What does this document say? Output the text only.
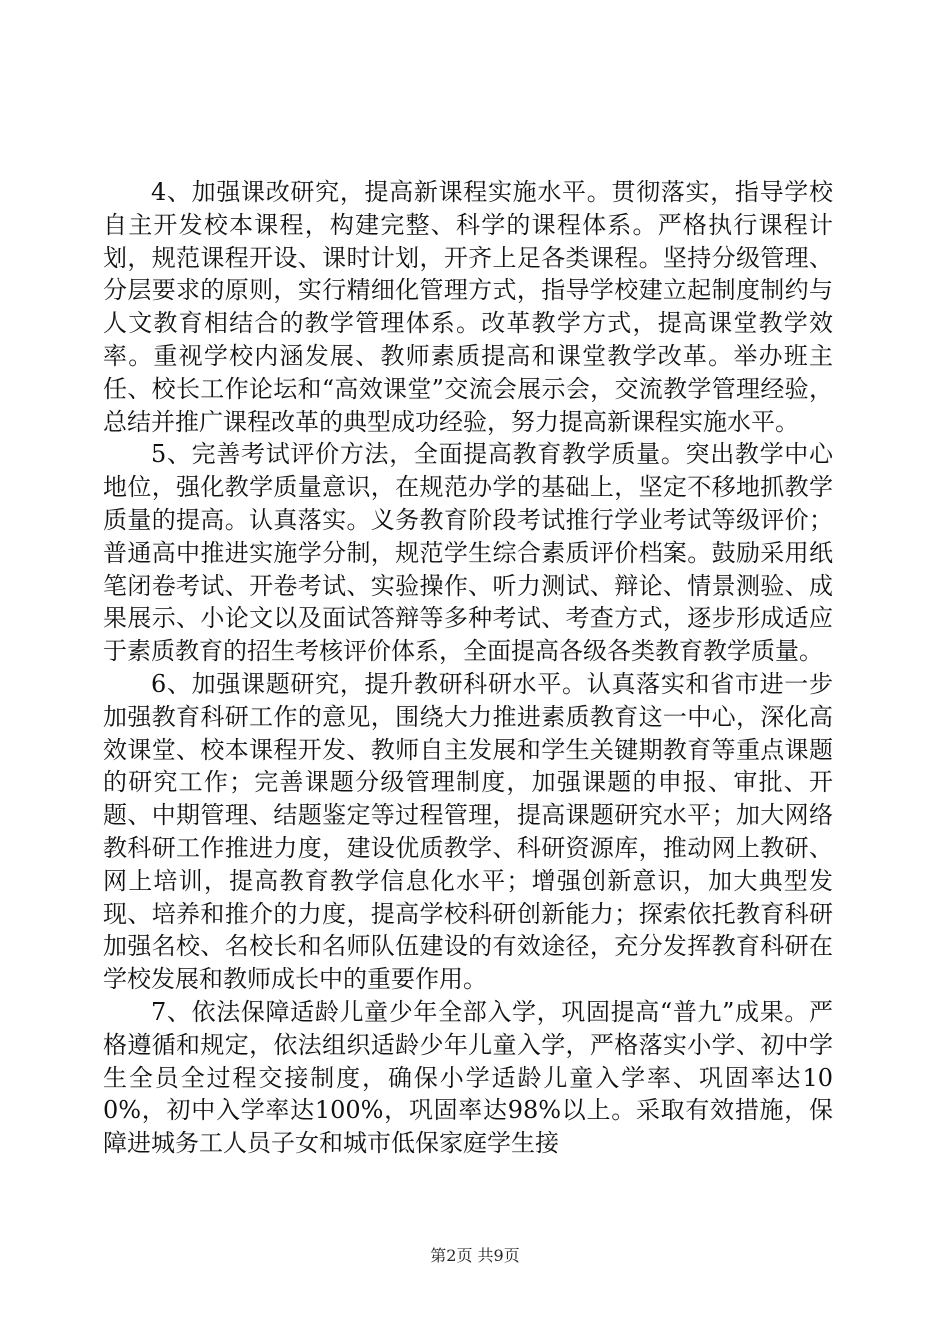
4、加强课改研究，提高新课程实施水平。贯彻落实，指导学校自主开发校本课程，构建完整、科学的课程体系。严格执行课程计划，规范课程开设、课时计划，开齐上足各类课程。坚持分级管理、分层要求的原则，实行精细化管理方式，指导学校建立起制度制约与人文教育相结合的教学管理体系。改革教学方式，提高课堂教学效率。重视学校内涵发展、教师素质提高和课堂教学改革。举办班主任、校长工作论坛和“高效课堂”交流会展示会，交流教学管理经验，总结并推广课程改革的典型成功经验，努力提高新课程实施水平。

5、完善考试评价方法，全面提高教育教学质量。突出教学中心地位，强化教学质量意识，在规范办学的基础上，坚定不移地抓教学质量的提高。认真落实。义务教育阶段考试推行学业考试等级评价；普通高中推进实施学分制，规范学生综合素质评价档案。鼓励采用纸笔闭卷考试、开卷考试、实验操作、听力测试、辩论、情景测验、成果展示、小论文以及面试答辩等多种考试、考查方式，逐步形成适应于素质教育的招生考核评价体系，全面提高各级各类教育教学质量。

6、加强课题研究，提升教研科研水平。认真落实和省市进一步加强教育科研工作的意见，围绕大力推进素质教育这一中心，深化高效课堂、校本课程开发、教师自主发展和学生关键期教育等重点课题的研究工作；完善课题分级管理制度，加强课题的申报、审批、开题、中期管理、结题鉴定等过程管理，提高课题研究水平；加大网络教科研工作推进力度，建设优质教学、科研资源库，推动网上教研、网上培训，提高教育教学信息化水平；增强创新意识，加大典型发现、培养和推介的力度，提高学校科研创新能力；探索依托教育科研加强名校、名校长和名师队伍建设的有效途径，充分发挥教育科研在学校发展和教师成长中的重要作用。

7、依法保障适龄儿童少年全部入学，巩固提高“普九”成果。严格遵循和规定，依法组织适龄少年儿童入学，严格落实小学、初中学生全员全过程交接制度，确保小学适龄儿童入学率、巩固率达100%，初中入学率达100%，巩固率达98%以上。采取有效措施，保障进城务工人员子女和城市低保家庭学生接

第2页 共9页
